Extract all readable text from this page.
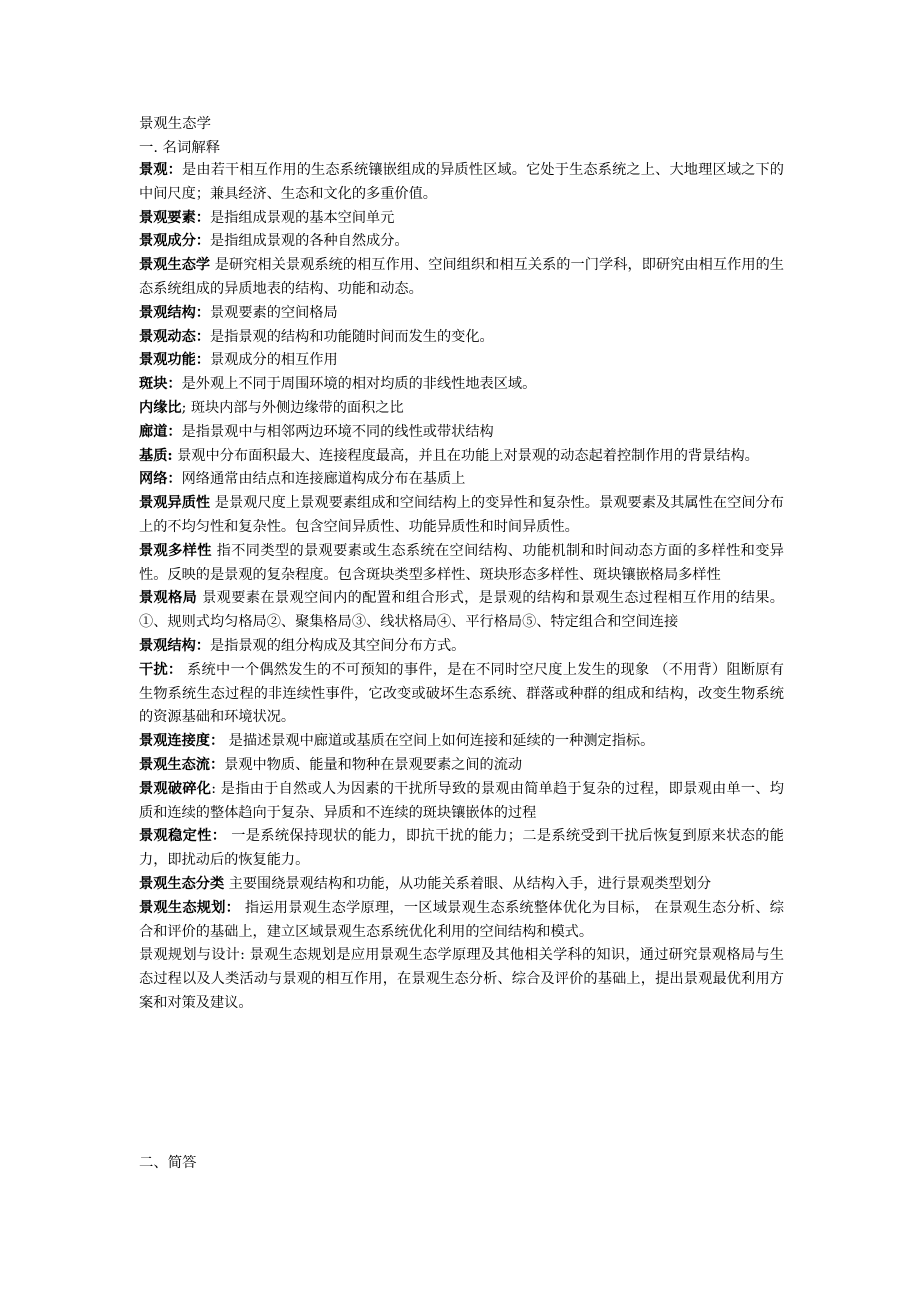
景观生态学
一. 名词解释

景观：是由若干相互作用的生态系统镶嵌组成的异质性区域。它处于生态系统之上、大地理区域之下的中间尺度；兼具经济、生态和文化的多重价值。

景观要素：是指组成景观的基本空间单元

景观成分：是指组成景观的各种自然成分。

景观生态学 是研究相关景观系统的相互作用、空间组织和相互关系的一门学科，即研究由相互作用的生态系统组成的异质地表的结构、功能和动态。

景观结构：景观要素的空间格局

景观动态：是指景观的结构和功能随时间而发生的变化。

景观功能：景观成分的相互作用

斑块：是外观上不同于周围环境的相对均质的非线性地表区域。

内缘比; 斑块内部与外侧边缘带的面积之比

廊道：是指景观中与相邻两边环境不同的线性或带状结构

基质: 景观中分布面积最大、连接程度最高，并且在功能上对景观的动态起着控制作用的背景结构。

网络：网络通常由结点和连接廊道构成分布在基质上

景观异质性 是景观尺度上景观要素组成和空间结构上的变异性和复杂性。景观要素及其属性在空间分布上的不均匀性和复杂性。包含空间异质性、功能异质性和时间异质性。

景观多样性 指不同类型的景观要素或生态系统在空间结构、功能机制和时间动态方面的多样性和变异性。反映的是景观的复杂程度。包含斑块类型多样性、斑块形态多样性、斑块镶嵌格局多样性

景观格局 景观要素在景观空间内的配置和组合形式，是景观的结构和景观生态过程相互作用的结果。①、规则式均匀格局②、聚集格局③、线状格局④、平行格局⑤、特定组合和空间连接

景观结构：是指景观的组分构成及其空间分布方式。

干扰： 系统中一个偶然发生的不可预知的事件，是在不同时空尺度上发生的现象 （不用背）阻断原有生物系统生态过程的非连续性事件，它改变或破坏生态系统、群落或种群的组成和结构，改变生物系统的资源基础和环境状况。

景观连接度： 是描述景观中廊道或基质在空间上如何连接和延续的一种测定指标。

景观生态流：景观中物质、能量和物种在景观要素之间的流动

景观破碎化: 是指由于自然或人为因素的干扰所导致的景观由简单趋于复杂的过程，即景观由单一、均质和连续的整体趋向于复杂、异质和不连续的斑块镶嵌体的过程

景观稳定性： 一是系统保持现状的能力，即抗干扰的能力；二是系统受到干扰后恢复到原来状态的能力，即扰动后的恢复能力。

景观生态分类 主要围绕景观结构和功能，从功能关系着眼、从结构入手，进行景观类型划分

景观生态规划： 指运用景观生态学原理，一区域景观生态系统整体优化为目标， 在景观生态分析、综合和评价的基础上，建立区域景观生态系统优化利用的空间结构和模式。

景观规划与设计: 景观生态规划是应用景观生态学原理及其他相关学科的知识，通过研究景观格局与生态过程以及人类活动与景观的相互作用，在景观生态分析、综合及评价的基础上，提出景观最优利用方案和对策及建议。

二、简答
